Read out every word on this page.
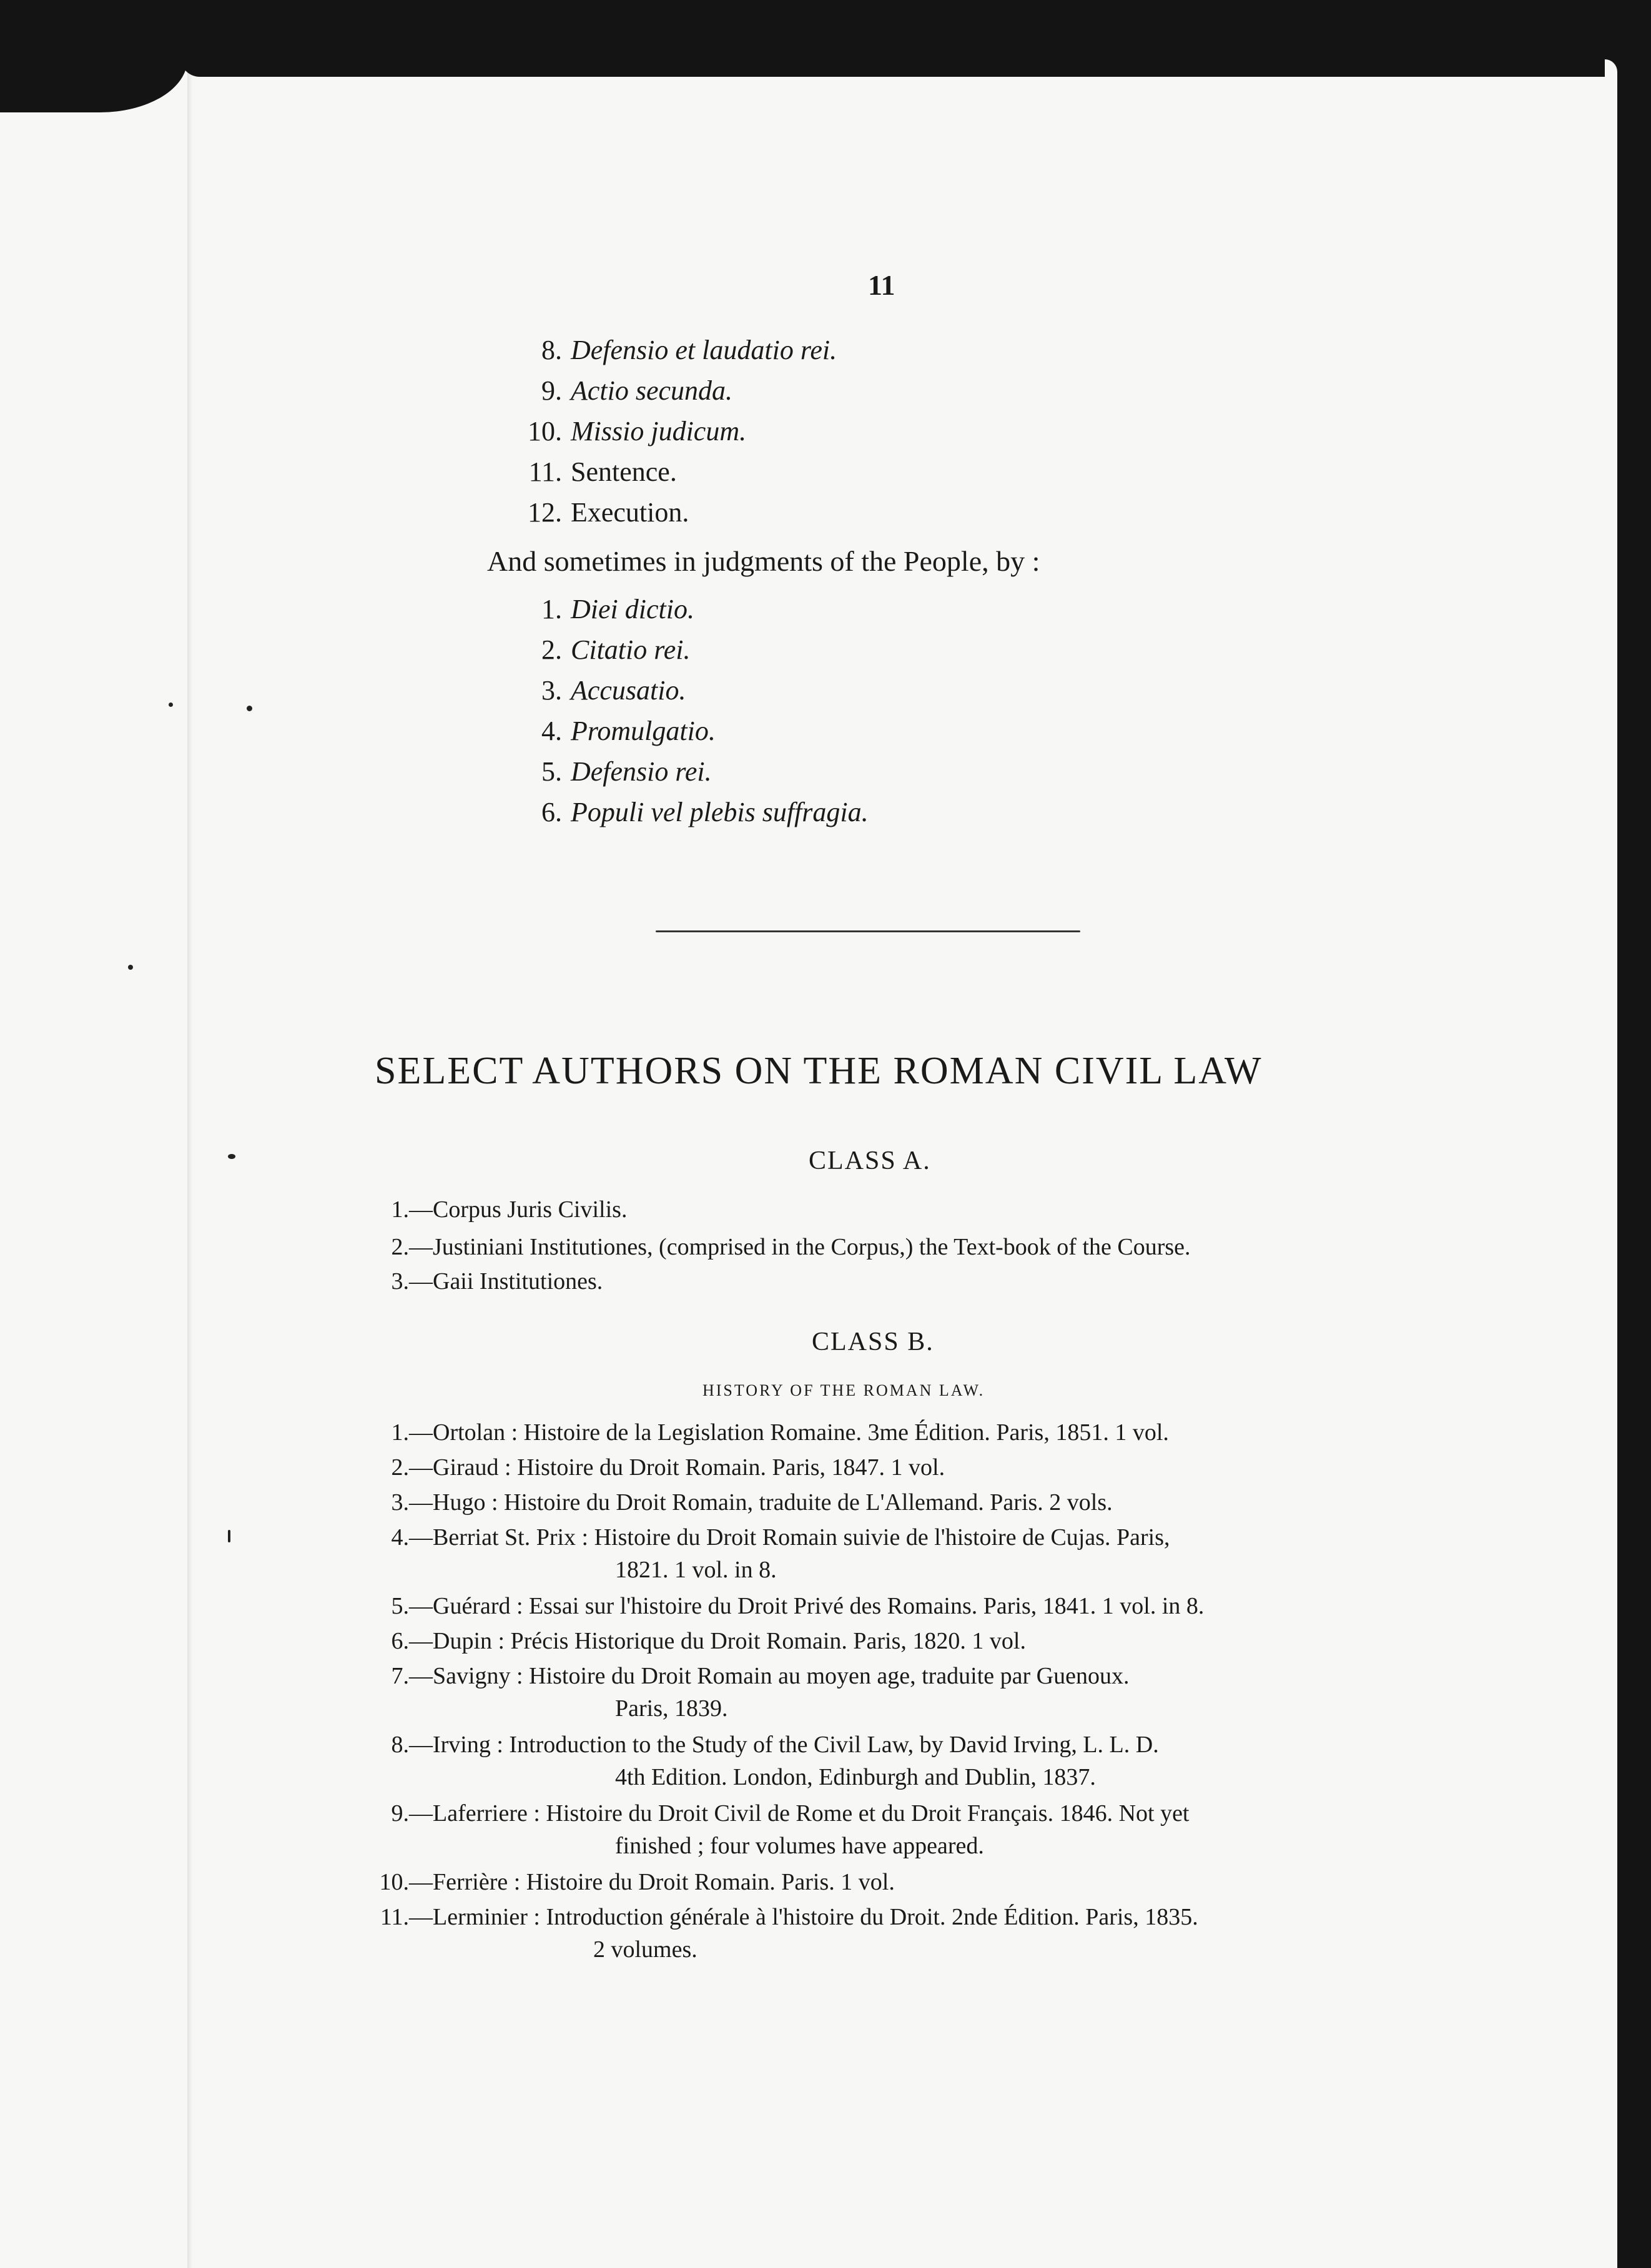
11
8. Defensio et laudatio rei.
9. Actio secunda.
10. Missio judicum.
11. Sentence.
12. Execution.
And sometimes in judgments of the People, by :
1. Diei dictio.
2. Citatio rei.
3. Accusatio.
4. Promulgatio.
5. Defensio rei.
6. Populi vel plebis suffragia.
SELECT AUTHORS ON THE ROMAN CIVIL LAW
CLASS A.
1.—Corpus Juris Civilis.
2.—Justiniani Institutiones, (comprised in the Corpus,) the Text-book of the Course.
3.—Gaii Institutiones.
CLASS B.
HISTORY OF THE ROMAN LAW.
1.—Ortolan : Histoire de la Legislation Romaine. 3me Édition. Paris, 1851. 1 vol.
2.—Giraud : Histoire du Droit Romain. Paris, 1847. 1 vol.
3.—Hugo : Histoire du Droit Romain, traduite de L'Allemand. Paris. 2 vols.
4.—Berriat St. Prix : Histoire du Droit Romain suivie de l'histoire de Cujas. Paris,
1821. 1 vol. in 8.
5.—Guérard : Essai sur l'histoire du Droit Privé des Romains. Paris, 1841. 1 vol. in 8.
6.—Dupin : Précis Historique du Droit Romain. Paris, 1820. 1 vol.
7.—Savigny : Histoire du Droit Romain au moyen age, traduite par Guenoux.
Paris, 1839.
8.—Irving : Introduction to the Study of the Civil Law, by David Irving, L. L. D.
4th Edition. London, Edinburgh and Dublin, 1837.
9.—Laferriere : Histoire du Droit Civil de Rome et du Droit Français. 1846. Not yet
finished ; four volumes have appeared.
10.—Ferrière : Histoire du Droit Romain. Paris. 1 vol.
11.—Lerminier : Introduction générale à l'histoire du Droit. 2nde Édition. Paris, 1835.
2 volumes.
